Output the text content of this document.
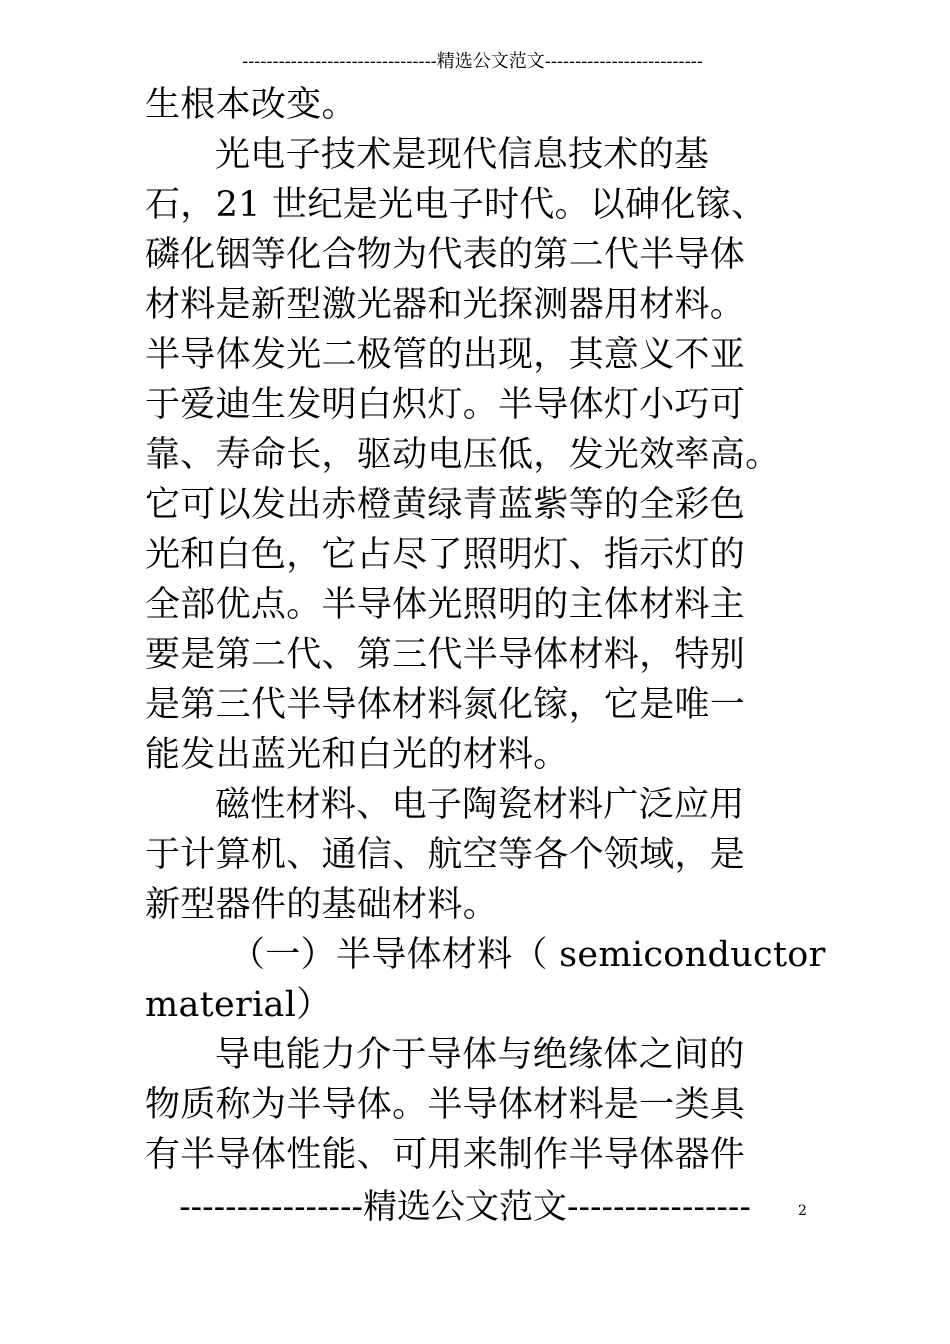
--------------------------------精选公文范文--------------------------
生根本改变。
光电子技术是现代信息技术的基
石，21 世纪是光电子时代。以砷化镓、
磷化铟等化合物为代表的第二代半导体
材料是新型激光器和光探测器用材料。
半导体发光二极管的出现，其意义不亚
于爱迪生发明白炽灯。半导体灯小巧可
靠、寿命长，驱动电压低，发光效率高。
它可以发出赤橙黄绿青蓝紫等的全彩色
光和白色，它占尽了照明灯、指示灯的
全部优点。半导体光照明的主体材料主
要是第二代、第三代半导体材料，特别
是第三代半导体材料氮化镓，它是唯一
能发出蓝光和白光的材料。
磁性材料、电子陶瓷材料广泛应用
于计算机、通信、航空等各个领域，是
新型器件的基础材料。
（一）半导体材料（ semiconductor
material）
导电能力介于导体与绝缘体之间的
物质称为半导体。半导体材料是一类具
有半导体性能、可用来制作半导体器件
----------------精选公文范文----------------	2
